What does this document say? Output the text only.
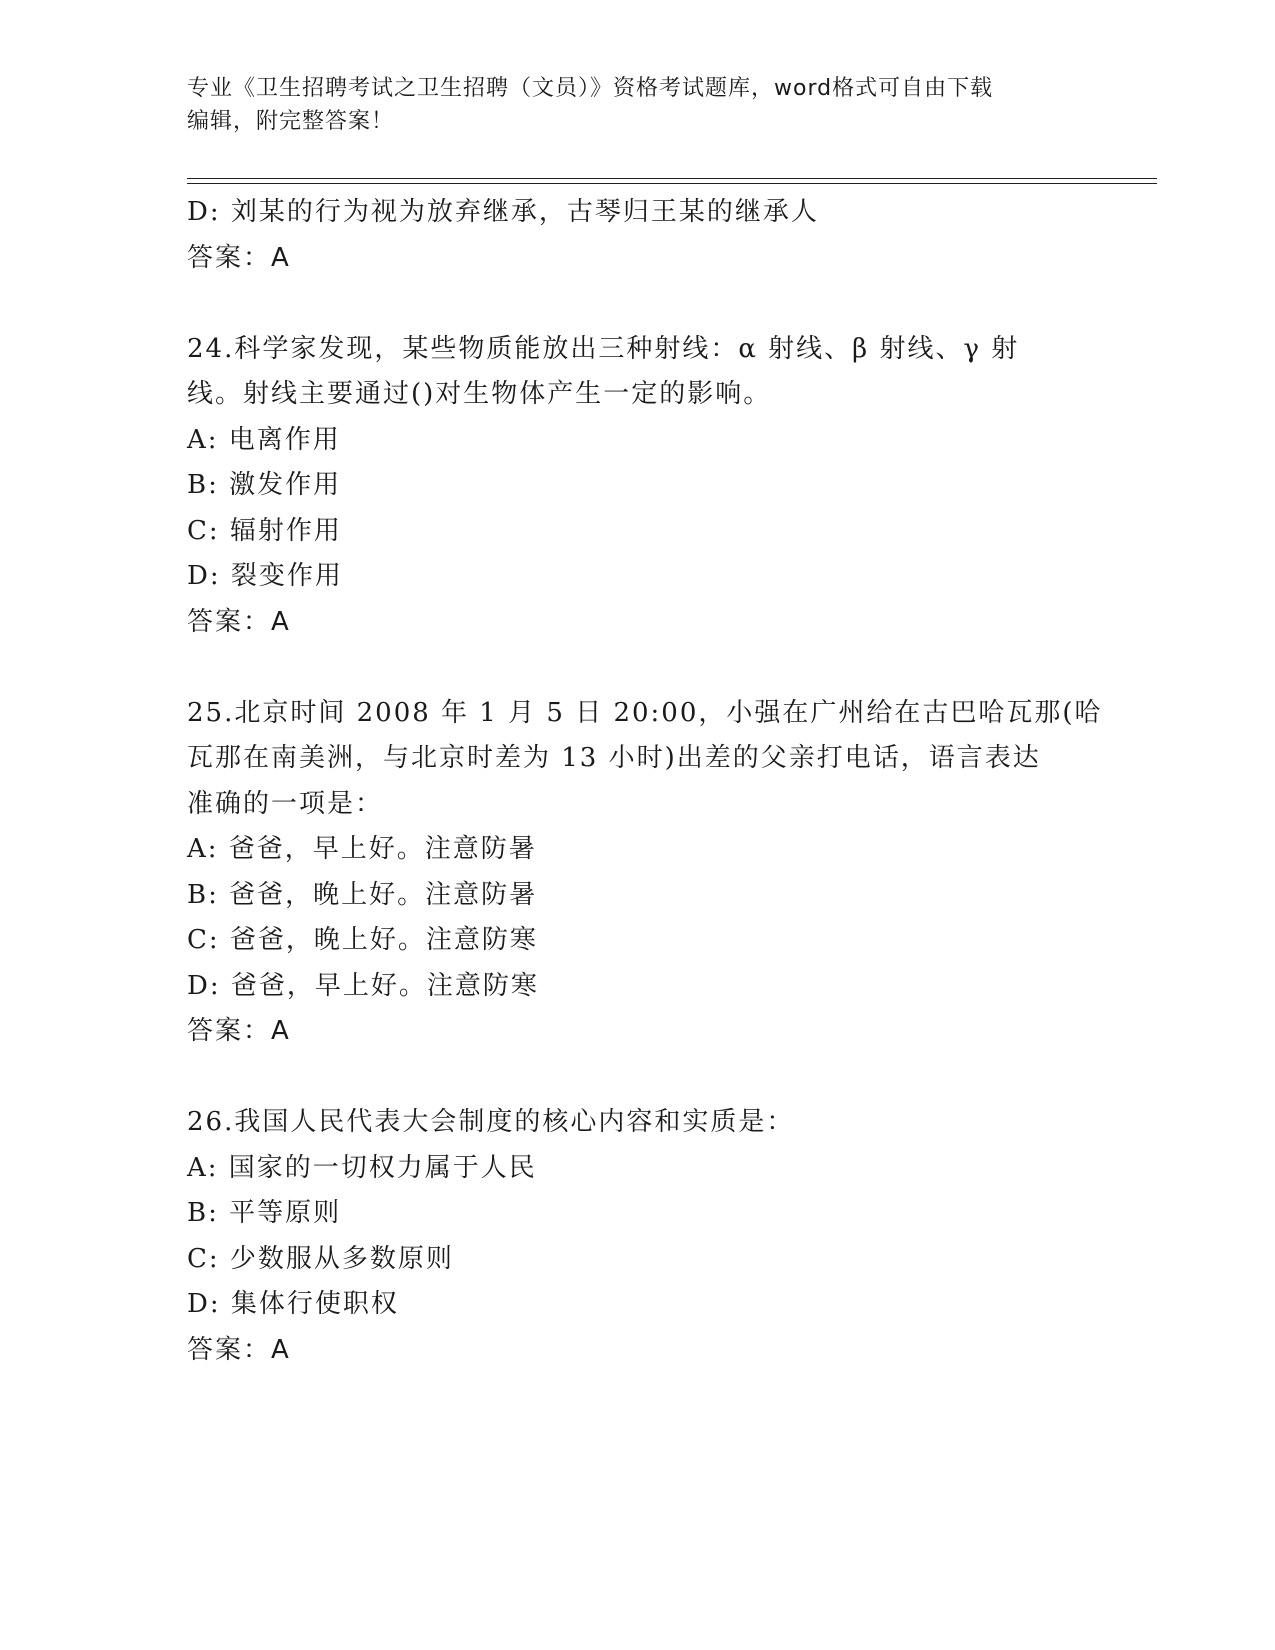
专业《卫生招聘考试之卫生招聘（文员）》资格考试题库，word格式可自由下载
编辑，附完整答案！
D: 刘某的行为视为放弃继承，古琴归王某的继承人
答案：A
24.科学家发现，某些物质能放出三种射线：α 射线、β 射线、γ 射
线。射线主要通过()对生物体产生一定的影响。
A: 电离作用
B: 激发作用
C: 辐射作用
D: 裂变作用
答案：A
25.北京时间 2008 年 1 月 5 日 20:00，小强在广州给在古巴哈瓦那(哈
瓦那在南美洲，与北京时差为 13 小时)出差的父亲打电话，语言表达
准确的一项是：
A: 爸爸，早上好。注意防暑
B: 爸爸，晚上好。注意防暑
C: 爸爸，晚上好。注意防寒
D: 爸爸，早上好。注意防寒
答案：A
26.我国人民代表大会制度的核心内容和实质是：
A: 国家的一切权力属于人民
B: 平等原则
C: 少数服从多数原则
D: 集体行使职权
答案：A
